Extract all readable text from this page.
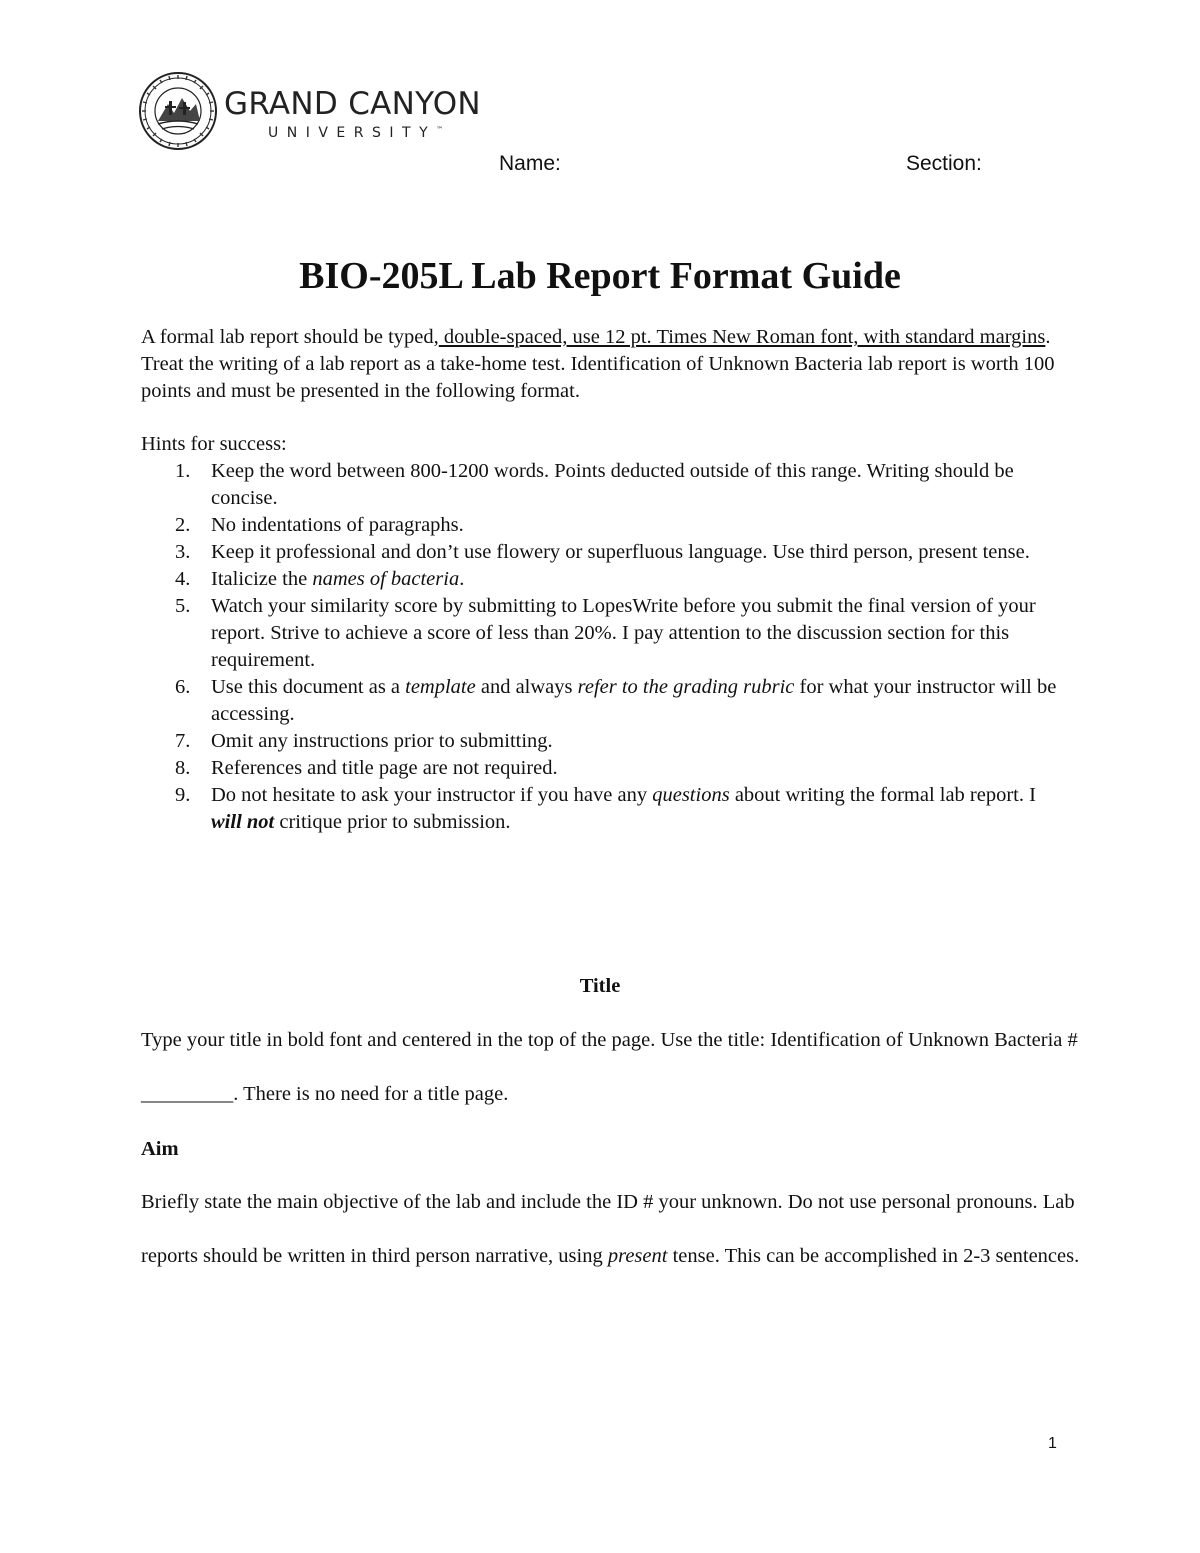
GRAND CANYON
UNIVERSITY™
Name:	Section:
BIO-205L Lab Report Format Guide

A formal lab report should be typed, double-spaced, use 12 pt. Times New Roman font, with standard margins. Treat the writing of a lab report as a take-home test. Identification of Unknown Bacteria lab report is worth 100 points and must be presented in the following format.

Hints for success:

1. Keep the word between 800-1200 words. Points deducted outside of this range. Writing should be concise.
2. No indentations of paragraphs.
3. Keep it professional and don’t use flowery or superfluous language. Use third person, present tense.
4. Italicize the names of bacteria.
5. Watch your similarity score by submitting to LopesWrite before you submit the final version of your report. Strive to achieve a score of less than 20%. I pay attention to the discussion section for this requirement.
6. Use this document as a template and always refer to the grading rubric for what your instructor will be accessing.
7. Omit any instructions prior to submitting.
8. References and title page are not required.
9. Do not hesitate to ask your instructor if you have any questions about writing the formal lab report. I will not critique prior to submission.
Title

Type your title in bold font and centered in the top of the page. Use the title: Identification of Unknown Bacteria # _________. There is no need for a title page.

Aim

Briefly state the main objective of the lab and include the ID # your unknown. Do not use personal pronouns. Lab reports should be written in third person narrative, using present tense. This can be accomplished in 2-3 sentences.

1
